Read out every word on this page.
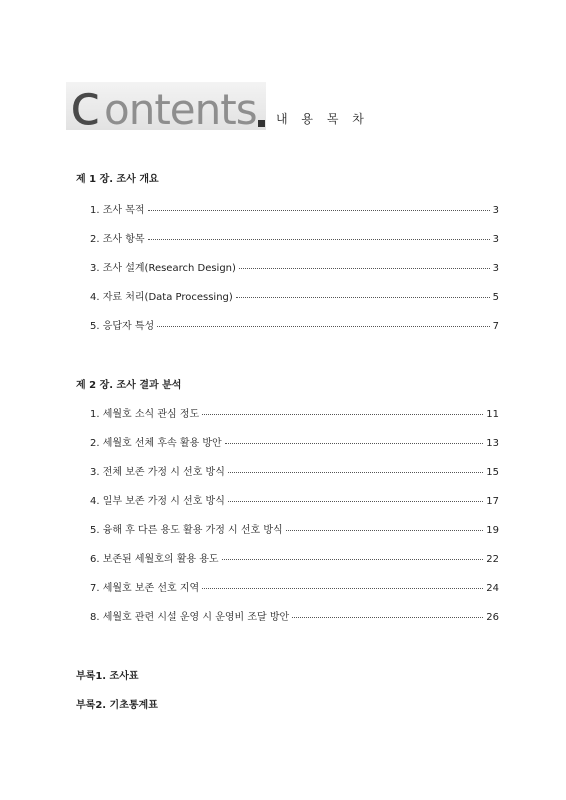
c ontents 내 용 목 차
제 1 장. 조사 개요
1. 조사 목적	3
2. 조사 항목	3
3. 조사 설계(Research Design)	3
4. 자료 처리(Data Processing)	5
5. 응답자 특성	7
제 2 장. 조사 결과 분석
1. 세월호 소식 관심 정도	11
2. 세월호 선체 후속 활용 방안	13
3. 전체 보존 가정 시 선호 방식	15
4. 일부 보존 가정 시 선호 방식	17
5. 융해 후 다른 용도 활용 가정 시 선호 방식	19
6. 보존된 세월호의 활용 용도	22
7. 세월호 보존 선호 지역	24
8. 세월호 관련 시설 운영 시 운영비 조달 방안	26
부록1. 조사표
부록2. 기초통계표
